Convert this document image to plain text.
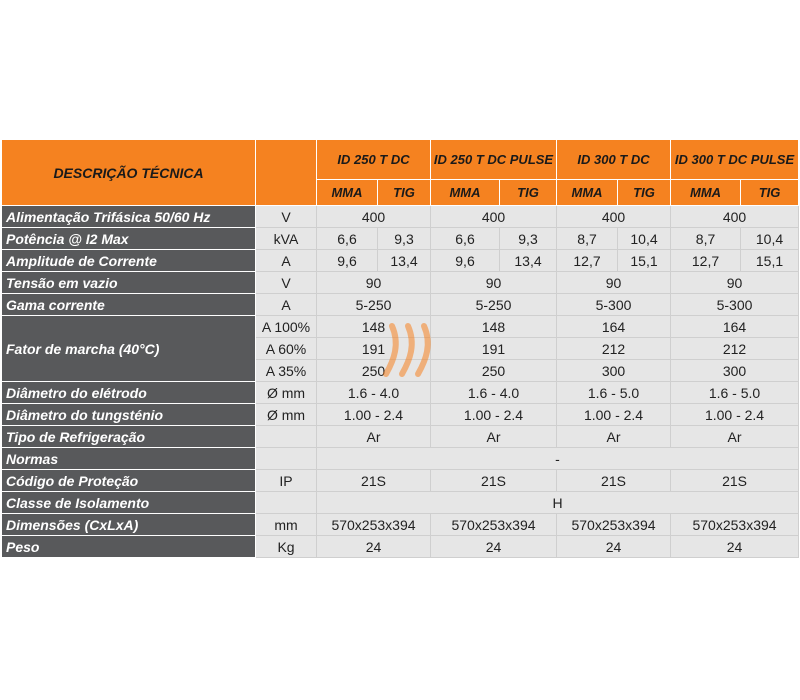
DESCRIÇÃO TÉCNICA		ID 250 T DC		ID 250 T DC PULSE		ID 300 T DC		ID 300 T DC PULSE	
		MMA	TIG	MMA	TIG	MMA	TIG	MMA	TIG
Alimentação Trifásica 50/60 Hz	V	400		400		400		400	
Potência @ I2 Max	kVA	6,6	9,3	6,6	9,3	8,7	10,4	8,7	10,4
Amplitude de Corrente	A	9,6	13,4	9,6	13,4	12,7	15,1	12,7	15,1
Tensão em vazio	V	90		90		90		90	
Gama corrente	A	5-250		5-250		5-300		5-300	
Fator de marcha (40°C)	A 100%	148		148		164		164	
	A 60%	191		191		212		212	
	A 35%	250		250		300		300	
Diâmetro do elétrodo	Ø mm	1.6 - 4.0		1.6 - 4.0		1.6 - 5.0		1.6 - 5.0	
Diâmetro do tungsténio	Ø mm	1.00 - 2.4		1.00 - 2.4		1.00 - 2.4		1.00 - 2.4	
Tipo de Refrigeração		Ar		Ar		Ar		Ar	
Normas		-							
Código de Proteção	IP	21S		21S		21S		21S	
Classe de Isolamento		H							
Dimensões (CxLxA)	mm	570x253x394		570x253x394		570x253x394		570x253x394	
Peso	Kg	24		24		24		24	
